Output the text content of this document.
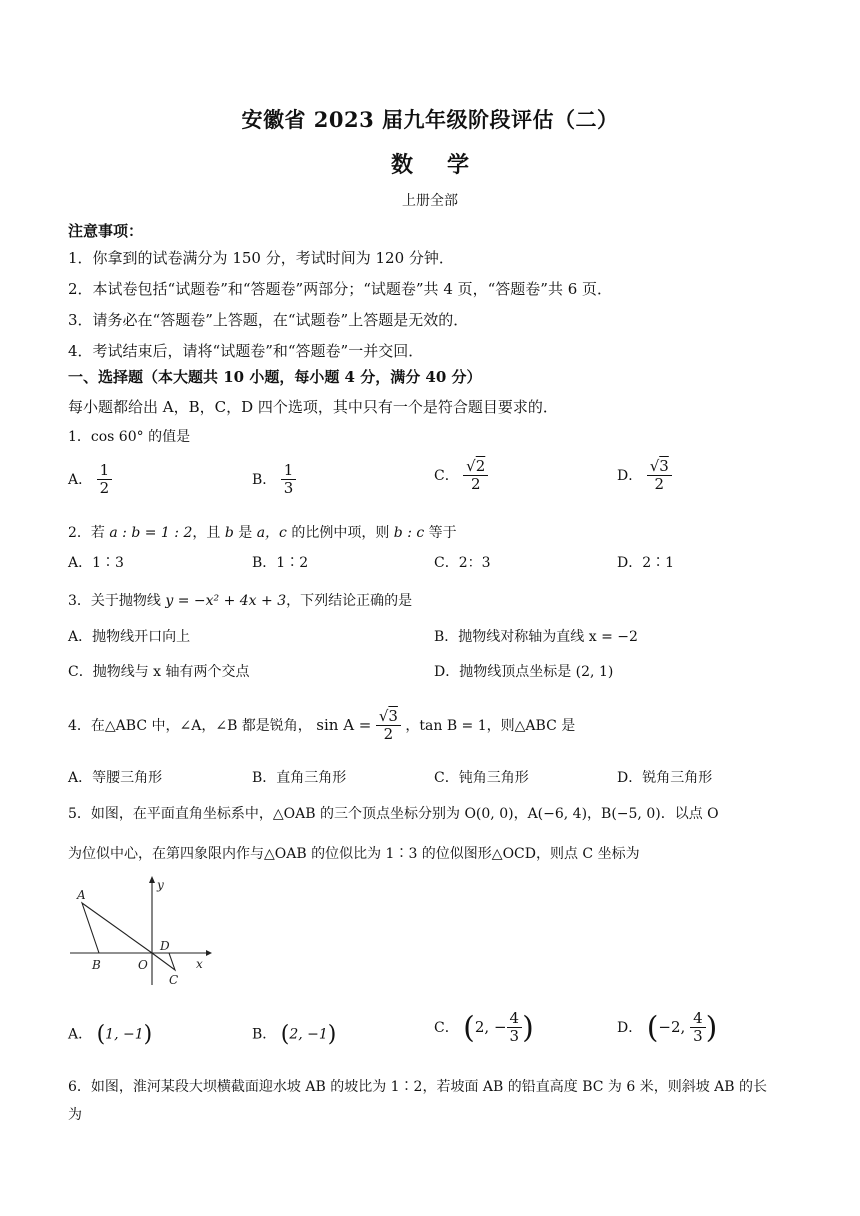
安徽省 2023 届九年级阶段评估（二）
数学
上册全部
注意事项：
1．你拿到的试卷满分为 150 分，考试时间为 120 分钟．
2．本试卷包括“试题卷”和“答题卷”两部分；“试题卷”共 4 页，“答题卷”共 6 页．
3．请务必在“答题卷”上答题，在“试题卷”上答题是无效的．
4．考试结束后，请将“试题卷”和“答题卷”一并交回．
一、选择题（本大题共 10 小题，每小题 4 分，满分 40 分）
每小题都给出 A，B，C，D 四个选项，其中只有一个是符合题目要求的．
1．cos 60° 的值是
A． $\frac{1}{2}$	B． $\frac{1}{3}$	C． $\frac{√2}{2}$	D． $\frac{√3}{2}$
2．若 a : b = 1 : 2，且 b 是 a，c 的比例中项，则 b : c 等于
A．1∶3	B．1∶2	C．2：3	D．2∶1
3．关于抛物线 y = −x² + 4x + 3，下列结论正确的是
A．抛物线开口向上	B．抛物线对称轴为直线 x = −2
C．抛物线与 x 轴有两个交点	D．抛物线顶点坐标是 (2, 1)
4．在△ABC 中，∠A，∠B 都是锐角， $\sin A = \frac{√3}{2}$ ，tan B = 1，则△ABC 是
A．等腰三角形	B．直角三角形	C．钝角三角形	D．锐角三角形
5．如图，在平面直角坐标系中，△OAB 的三个顶点坐标分别为 O(0, 0)，A(−6, 4)，B(−5, 0)．以点 O
为位似中心，在第四象限内作与△OAB 的位似比为 1∶3 的位似图形△OCD，则点 C 坐标为
A
B	O
D
C
x
y
A． (1, −1)	B． (2, −1)	C． (2, − $\frac{4}{3}$ )	D． (−2, $\frac{4}{3}$ )
6．如图，淮河某段大坝横截面迎水坡 AB 的坡比为 1∶2，若坡面 AB 的铅直高度 BC 为 6 米，则斜坡 AB 的长
为
